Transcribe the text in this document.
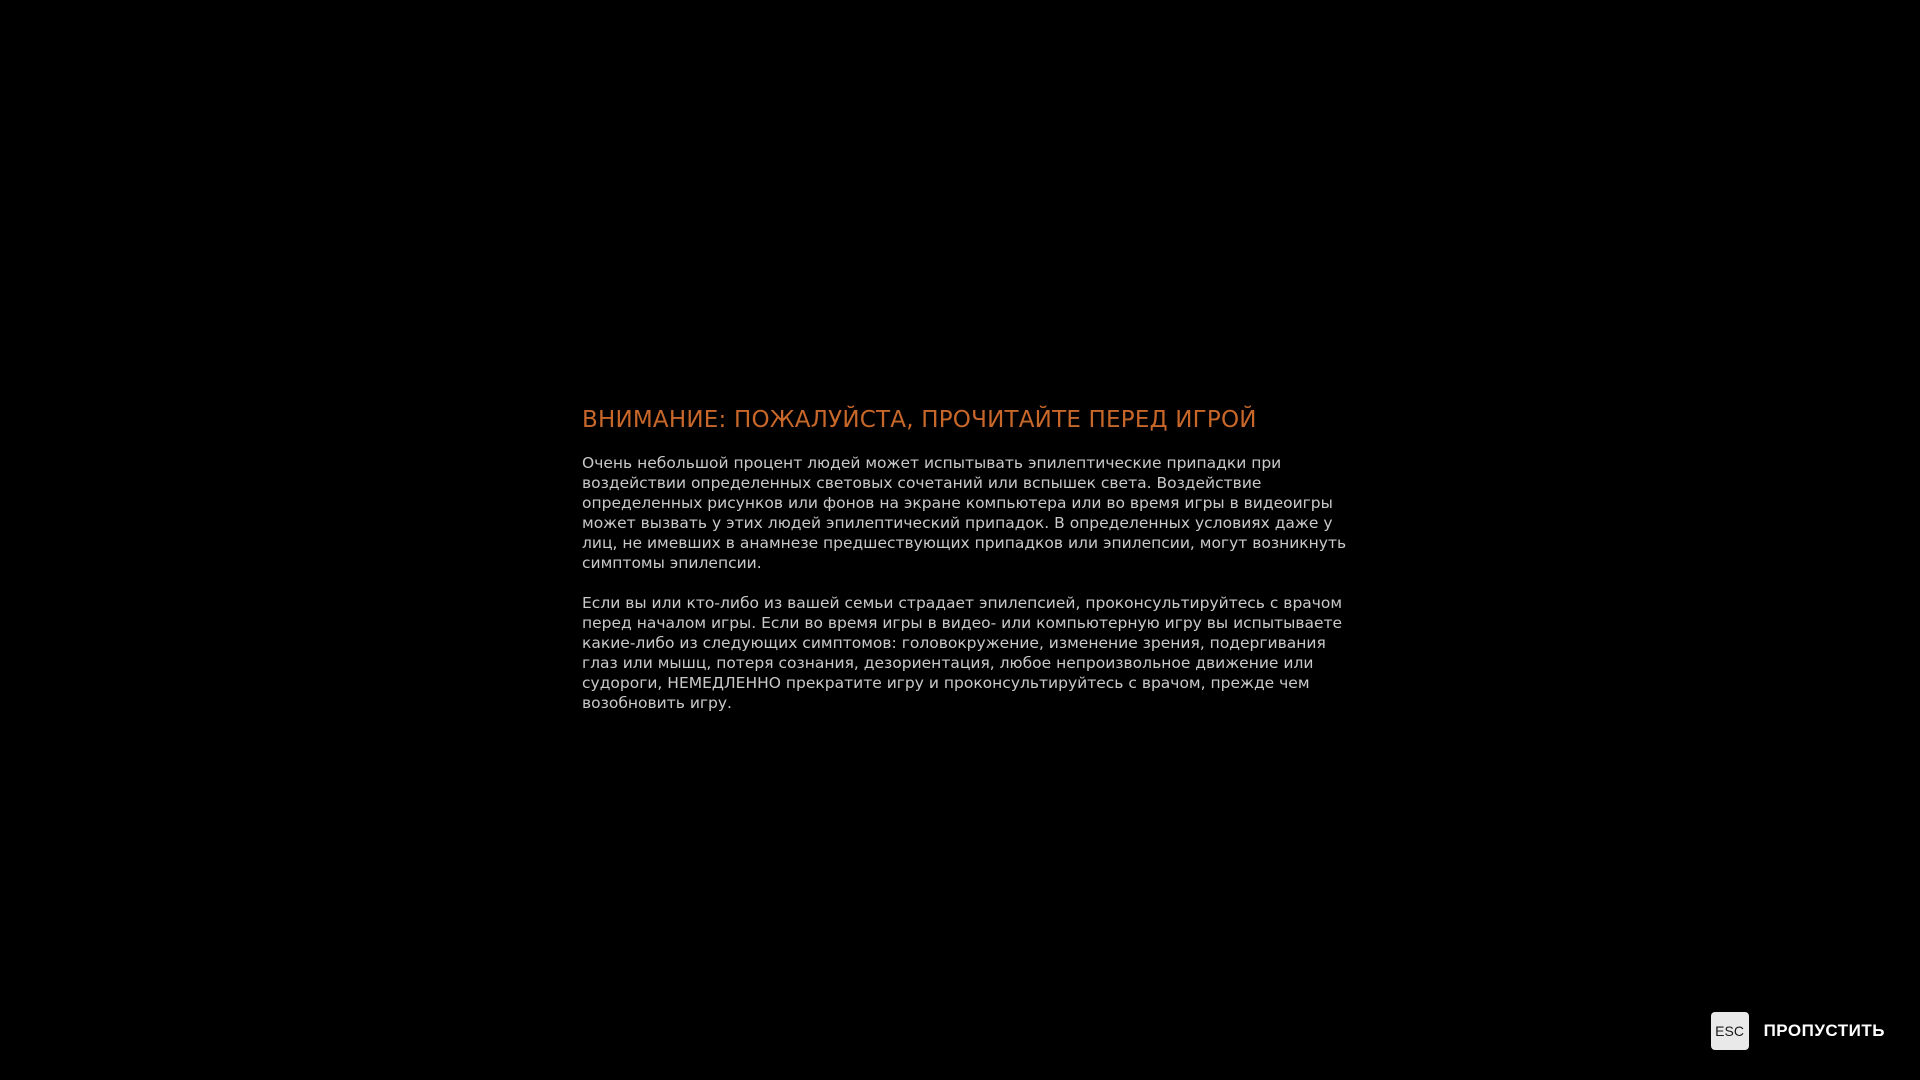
ВНИМАНИЕ: ПОЖАЛУЙСТА, ПРОЧИТАЙТЕ ПЕРЕД ИГРОЙ

Очень небольшой процент людей может испытывать эпилептические припадки при воздействии определенных световых сочетаний или вспышек света. Воздействие определенных рисунков или фонов на экране компьютера или во время игры в видеоигры может вызвать у этих людей эпилептический припадок. В определенных условиях даже у лиц, не имевших в анамнезе предшествующих припадков или эпилепсии, могут возникнуть симптомы эпилепсии.

Если вы или кто-либо из вашей семьи страдает эпилепсией, проконсультируйтесь с врачом перед началом игры. Если во время игры в видео- или компьютерную игру вы испытываете какие-либо из следующих симптомов: головокружение, изменение зрения, подергивания глаз или мышц, потеря сознания, дезориентация, любое непроизвольное движение или судороги, НЕМЕДЛЕННО прекратите игру и проконсультируйтесь с врачом, прежде чем возобновить игру.

ESC ПРОПУСТИТЬ
